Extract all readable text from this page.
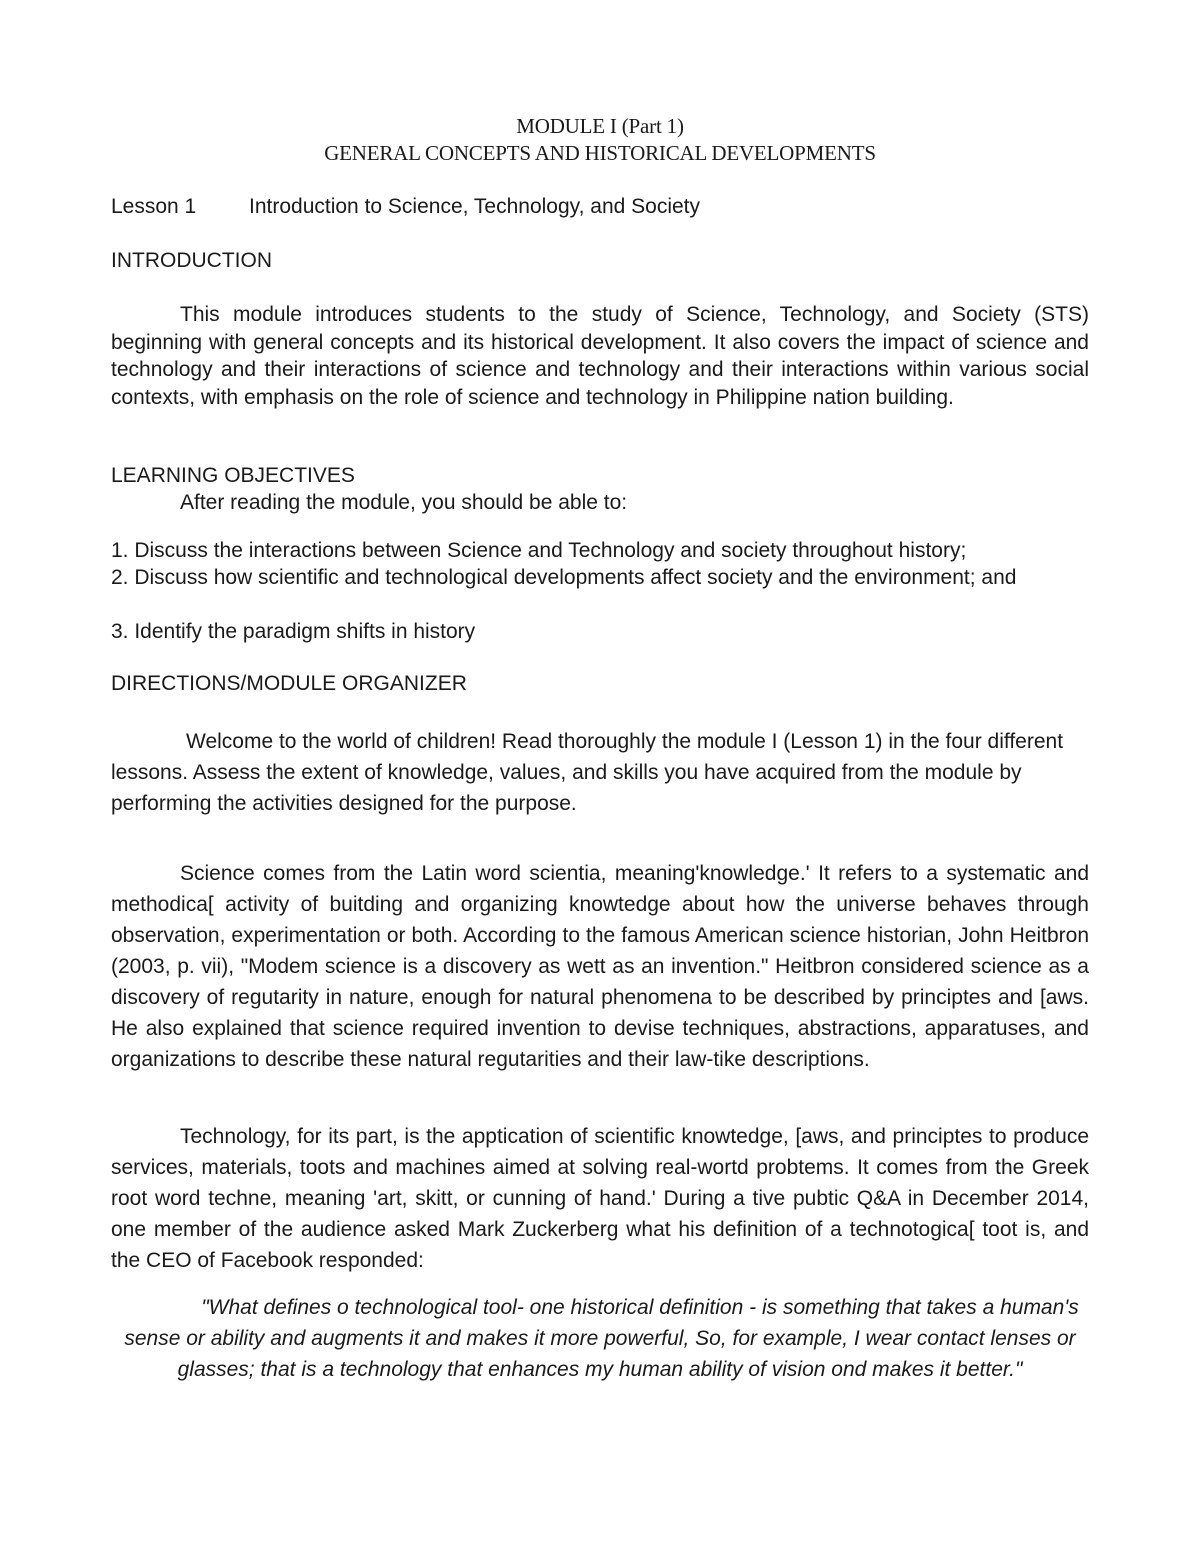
MODULE I (Part 1)
GENERAL CONCEPTS AND HISTORICAL DEVELOPMENTS
Lesson 1	Introduction to Science, Technology, and Society
INTRODUCTION
This module introduces students to the study of Science, Technology, and Society (STS) beginning with general concepts and its historical development. It also covers the impact of science and technology and their interactions of science and technology and their interactions within various social contexts, with emphasis on the role of science and technology in Philippine nation building.
LEARNING OBJECTIVES
After reading the module, you should be able to:
1. Discuss the interactions between Science and Technology and society throughout history;
2. Discuss how scientific and technological developments affect society and the environment; and
3. Identify the paradigm shifts in history
DIRECTIONS/MODULE ORGANIZER
Welcome to the world of children! Read thoroughly the module I (Lesson 1) in the four different lessons. Assess the extent of knowledge, values, and skills you have acquired from the module by performing the activities designed for the purpose.
Science comes from the Latin word scientia, meaning'knowledge.' It refers to a systematic and methodica[ activity of buitding and organizing knowtedge about how the universe behaves through observation, experimentation or both. According to the famous American science historian, John Heitbron (2003, p. vii), "Modem science is a discovery as wett as an invention." Heitbron considered science as a discovery of regutarity in nature, enough for natural phenomena to be described by principtes and [aws. He also explained that science required invention to devise techniques, abstractions, apparatuses, and organizations to describe these natural regutarities and their law-tike descriptions.
Technology, for its part, is the apptication of scientific knowtedge, [aws, and principtes to produce services, materials, toots and machines aimed at solving real-wortd probtems. It comes from the Greek root word techne, meaning 'art, skitt, or cunning of hand.' During a tive pubtic Q&A in December 2014, one member of the audience asked Mark Zuckerberg what his definition of a technotogica[ toot is, and the CEO of Facebook responded:
"What defines o technological tool- one historical definition - is something that takes a human's sense or ability and augments it and makes it more powerful, So, for example, I wear contact lenses or glasses; that is a technology that enhances my human ability of vision ond makes it better."
